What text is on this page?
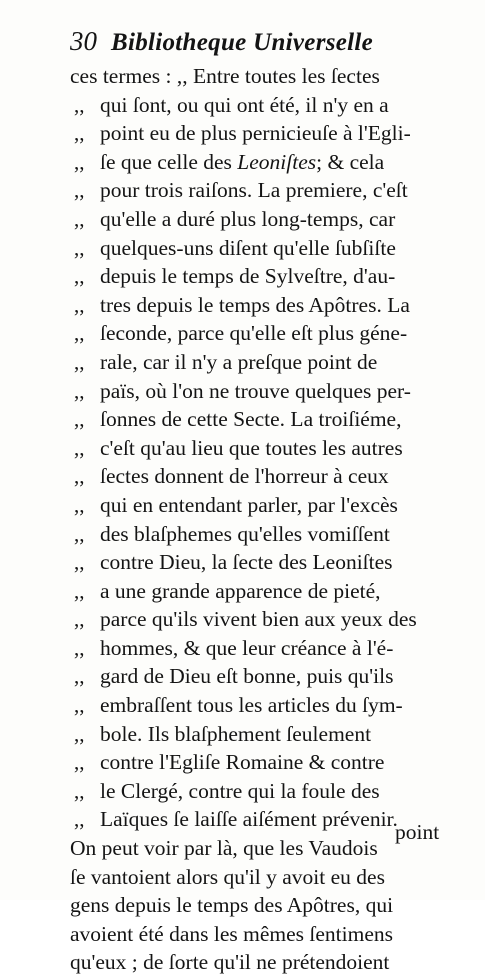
30 Bibliotheque Universelle
ces termes : ,, Entre toutes les ſectes
,, qui ſont, ou qui ont été, il n'y en a
,, point eu de plus pernicieuſe à l'Egli-
,, ſe que celle des Leoniſtes; & cela
,, pour trois raiſons. La premiere, c'eſt
,, qu'elle a duré plus long-temps, car
,, quelques-uns diſent qu'elle ſubſiſte
,, depuis le temps de Sylveſtre, d'au-
,, tres depuis le temps des Apôtres. La
,, ſeconde, parce qu'elle eſt plus géne-
,, rale, car il n'y a preſque point de
,, païs, où l'on ne trouve quelques per-
,, ſonnes de cette Secte. La troiſiéme,
,, c'eſt qu'au lieu que toutes les autres
,, ſectes donnent de l'horreur à ceux
,, qui en entendant parler, par l'excès
,, des blaſphemes qu'elles vomiſſent
,, contre Dieu, la ſecte des Leoniſtes
,, a une grande apparence de pieté,
,, parce qu'ils vivent bien aux yeux des
,, hommes, & que leur créance à l'é-
,, gard de Dieu eſt bonne, puis qu'ils
,, embraſſent tous les articles du ſym-
,, bole. Ils blaſphement ſeulement
,, contre l'Egliſe Romaine & contre
,, le Clergé, contre qui la foule des
,, Laïques ſe laiſſe aiſément prévenir.
On peut voir par là, que les Vaudois
ſe vantoient alors qu'il y avoit eu des
gens depuis le temps des Apôtres, qui
avoient été dans les mêmes ſentimens
qu'eux ; de ſorte qu'il ne prétendoient
point
